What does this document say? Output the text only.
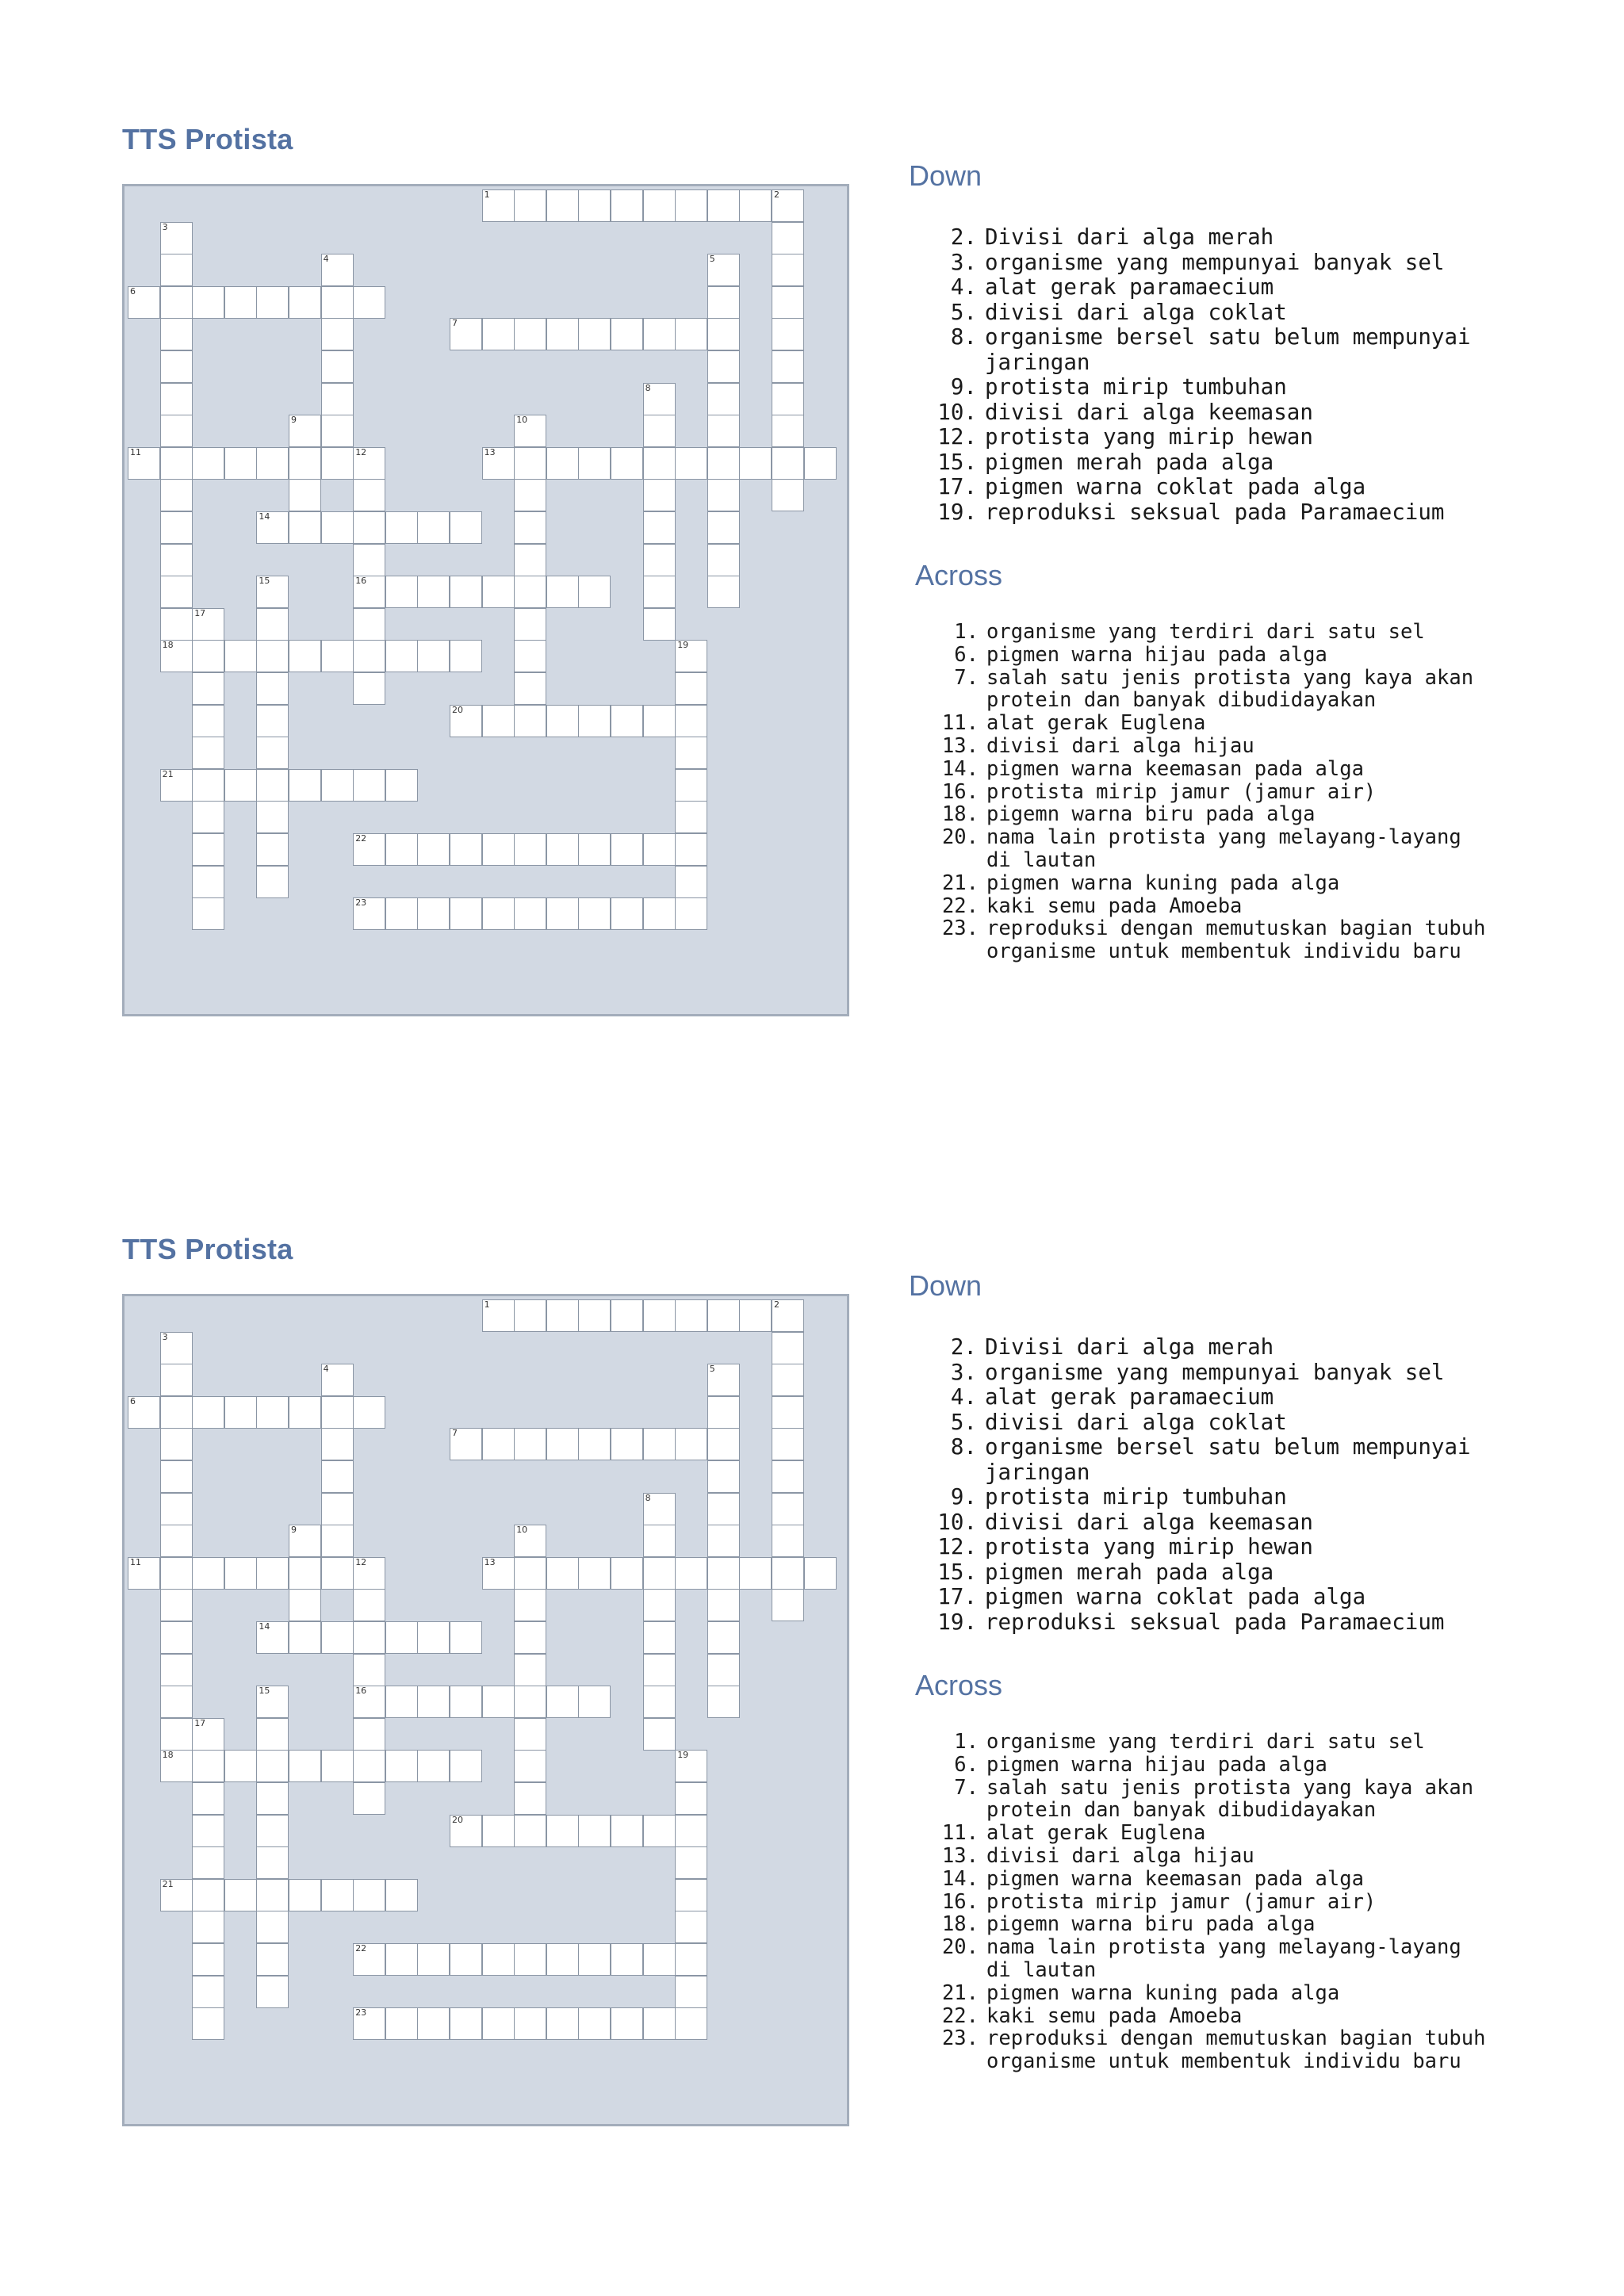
TTS Protista
1	2
6
7
11	12	13
14
16
18
20
21
22
23
3
4	5
8
9	10
15
17
19
Down
2. Divisi dari alga merah
3. organisme yang mempunyai banyak sel
4. alat gerak paramaecium
5. divisi dari alga coklat
8. organisme bersel satu belum mempunyai jaringan
9. protista mirip tumbuhan
10. divisi dari alga keemasan
12. protista yang mirip hewan
15. pigmen merah pada alga
17. pigmen warna coklat pada alga
19. reproduksi seksual pada Paramaecium
Across
1. organisme yang terdiri dari satu sel
6. pigmen warna hijau pada alga
7. salah satu jenis protista yang kaya akan protein dan banyak dibudidayakan
11. alat gerak Euglena
13. divisi dari alga hijau
14. pigmen warna keemasan pada alga
16. protista mirip jamur (jamur air)
18. pigemn warna biru pada alga
20. nama lain protista yang melayang-layang di lautan
21. pigmen warna kuning pada alga
22. kaki semu pada Amoeba
23. reproduksi dengan memutuskan bagian tubuh organisme untuk membentuk individu baru
TTS Protista
1	2
6
7
11	12	13
14
16
18
20
21
22
23
3
4	5
8
9	10
15
17
19
Down
2. Divisi dari alga merah
3. organisme yang mempunyai banyak sel
4. alat gerak paramaecium
5. divisi dari alga coklat
8. organisme bersel satu belum mempunyai jaringan
9. protista mirip tumbuhan
10. divisi dari alga keemasan
12. protista yang mirip hewan
15. pigmen merah pada alga
17. pigmen warna coklat pada alga
19. reproduksi seksual pada Paramaecium
Across
1. organisme yang terdiri dari satu sel
6. pigmen warna hijau pada alga
7. salah satu jenis protista yang kaya akan protein dan banyak dibudidayakan
11. alat gerak Euglena
13. divisi dari alga hijau
14. pigmen warna keemasan pada alga
16. protista mirip jamur (jamur air)
18. pigemn warna biru pada alga
20. nama lain protista yang melayang-layang di lautan
21. pigmen warna kuning pada alga
22. kaki semu pada Amoeba
23. reproduksi dengan memutuskan bagian tubuh organisme untuk membentuk individu baru
